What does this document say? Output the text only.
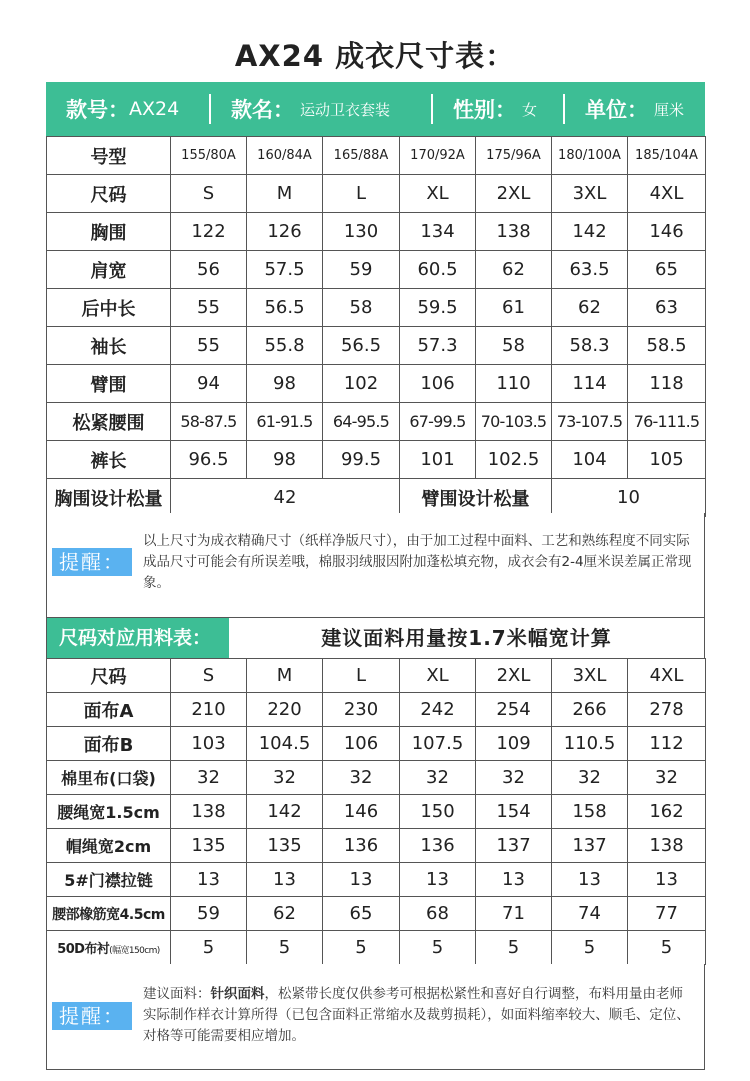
AX24 成衣尺寸表：
款号： AX24 款名： 运动卫衣套装	性别： 女 单位： 厘米
号型	155/80A	160/84A	165/88A	170/92A	175/96A	180/100A	185/104A
尺码	S	M	L	XL	2XL	3XL	4XL
胸围	122	126	130	134	138	142	146
肩宽	56	57.5	59	60.5	62	63.5	65
后中长	55	56.5	58	59.5	61	62	63
袖长	55	55.8	56.5	57.3	58	58.3	58.5
臂围	94	98	102	106	110	114	118
松紧腰围	58-87.5	61-91.5	64-95.5	67-99.5	70-103.5	73-107.5	76-111.5
裤长	96.5	98	99.5	101	102.5	104	105
胸围设计松量	42			臂围设计松量		10	
提醒：
以上尺寸为成衣精确尺寸（纸样净版尺寸），由于加工过程中面料、工艺和熟练程度不同实际成品尺寸可能会有所误差哦，棉服羽绒服因附加蓬松填充物，成衣会有2-4厘米误差属正常现象。
尺码对应用料表：	建议面料用量按1.7米幅宽计算
尺码	S	M	L	XL	2XL	3XL	4XL
面布A	210	220	230	242	254	266	278
面布B	103	104.5	106	107.5	109	110.5	112
棉里布(口袋)	32	32	32	32	32	32	32
腰绳宽1.5cm	138	142	146	150	154	158	162
帽绳宽2cm	135	135	136	136	137	137	138
5#门襟拉链	13	13	13	13	13	13	13
腰部橡筋宽4.5cm	59	62	65	68	71	74	77
50D布衬(幅宽150cm)	5	5	5	5	5	5	5
提醒：
建议面料：针织面料，松紧带长度仅供参考可根据松紧性和喜好自行调整，布料用量由老师实际制作样衣计算所得（已包含面料正常缩水及裁剪损耗），如面料缩率较大、顺毛、定位、对格等可能需要相应增加。
